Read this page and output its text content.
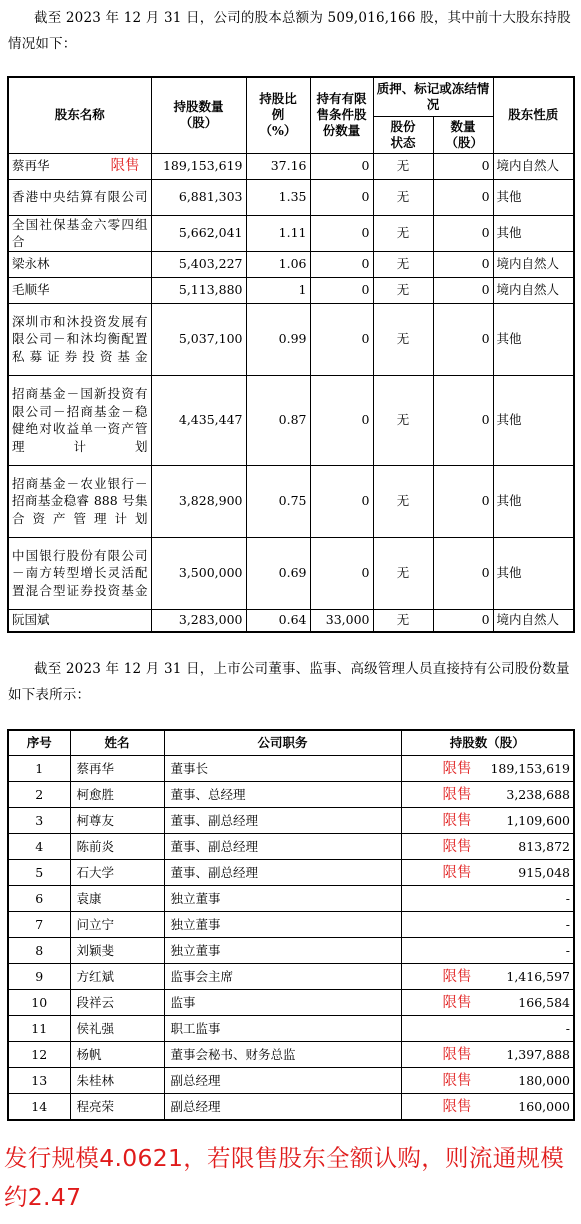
截至 2023 年 12 月 31 日，公司的股本总额为 509,016,166 股，其中前十大股东持股情况如下：
股东名称	持股数量（股）	持股比例（%）	持有有限售条件股份数量	质押、标记或冻结情况		股东性质
				股份状态	数量（股）	

蔡再华 限售	189,153,619	37.16	0	无	0	境内自然人
香港中央结算有限公司	6,881,303	1.35	0	无	0	其他
全国社保基金六零四组合	5,662,041	1.11	0	无	0	其他
梁永林	5,403,227	1.06	0	无	0	境内自然人
毛顺华	5,113,880	1	0	无	0	境内自然人
深圳市和沐投资发展有限公司－和沐均衡配置私募证券投资基金	5,037,100	0.99	0	无	0	其他
招商基金－国新投资有限公司－招商基金－稳健绝对收益单一资产管理计划	4,435,447	0.87	0	无	0	其他
招商基金－农业银行－招商基金稳睿 888 号集合资产管理计划	3,828,900	0.75	0	无	0	其他
中国银行股份有限公司－南方转型增长灵活配置混合型证券投资基金	3,500,000	0.69	0	无	0	其他
阮国斌	3,283,000	0.64	33,000	无	0	境内自然人
截至 2023 年 12 月 31 日，上市公司董事、监事、高级管理人员直接持有公司股份数量如下表所示：
序号	姓名	公司职务	持股数（股）
1	蔡再华	董事长	限售 189,153,619

2	柯愈胜	董事、总经理	限售 3,238,688

3	柯尊友	董事、副总经理	限售 1,109,600

4	陈前炎	董事、副总经理	限售 813,872

5	石大学	董事、副总经理	限售 915,048

6	袁康	独立董事	-

7	问立宁	独立董事	-

8	刘颖斐	独立董事	-

9	方红斌	监事会主席	限售 1,416,597

10	段祥云	监事	限售 166,584

11	侯礼强	职工监事	-

12	杨帆	董事会秘书、财务总监	限售 1,397,888

13	朱桂林	副总经理	限售 180,000

14	程亮荣	副总经理	限售 160,000
发行规模4.0621，若限售股东全额认购，则流通规模约2.47
